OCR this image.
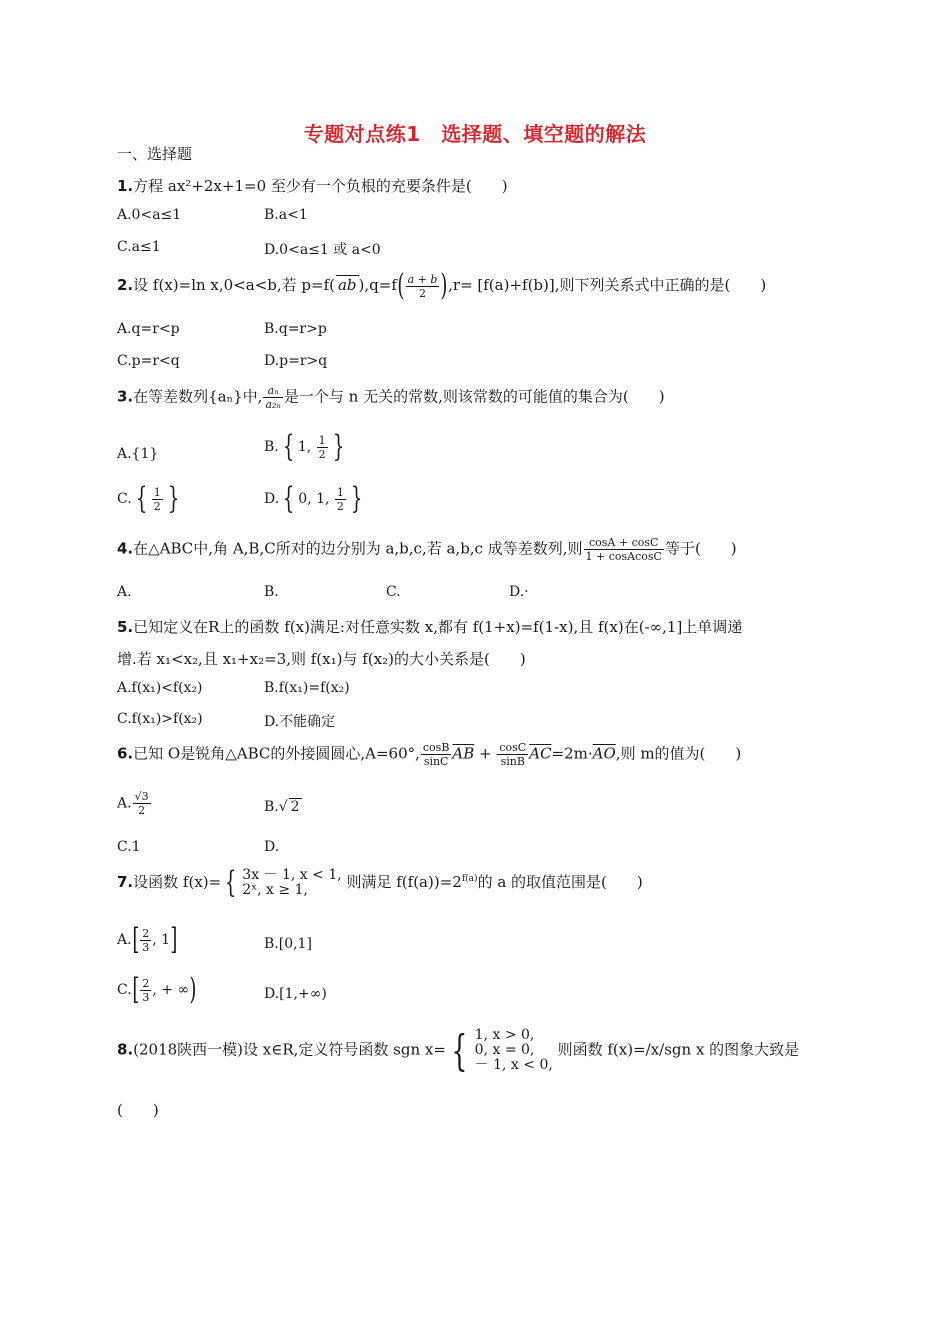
专题对点练1　选择题、填空题的解法
一、选择题
1.方程 ax²+2x+1=0 至少有一个负根的充要条件是(　　)
A.0<a≤1	B.a<1
C.a≤1	D.0<a≤1 或 a<0
2.设 f(x)=ln x,0<a<b,若 p=f( ab )$,q=f( \frac{a + b}{2} ),r= [f(a)+f(b)]$,则下列关系式中正确的是(　　)
A.q=r<p	B.q=r>p
C.p=r<q	D.p=r>q
3.在等差数列{aₙ}中, $\frac{\text{aₙ}}{\text{a₂ₙ}}$ 是一个与 n 无关的常数,则该常数的可能值的集合为(　　)
A.{1}	B. { 1, $\frac{1}{2}$ }
C. { $\frac{1}{2}$ }	D. { 0, 1, $\frac{1}{2}$ }
4.在△ABC中,角 A,B,C所对的边分别为 a,b,c,若 a,b,c 成等差数列,则 $\frac{\cos A + \cos C}{\text{1 + cosAcosC}}$ 等于(　　)
A.	B.	C.	D.·
5.已知定义在R上的函数 f(x)满足:对任意实数 x,都有 f(1+x)=f(1-x),且 f(x)在(-∞,1]上单调递
增.若 x₁<x₂,且 x₁+x₂=3,则 f(x₁)与 f(x₂)的大小关系是(　　)
A.f(x₁)<f(x₂)	B.f(x₁)=f(x₂)
C.f(x₁)>f(x₂)	D.不能确定
6.已知 O是锐角△ABC的外接圆圆心,A=60°, $\frac{\cos B}{\sin C} \overline{AB} + \frac{\cos C}{\sin B} \overline{AC}=2m\cdot\overline{AO}$,则 m的值为(　　)
A. $\frac{√3}{2}$	B.√ 2
C.1	D.
7.设函数 f(x)= { 3x － 1, x < 1,
2ˣ, x ≥ 1,	则满足 $f(f(a))=2^{f(a)}$的 a 的取值范围是(　　)
$A.[ \frac{2}{3}$ , 1]	B.[0,1]
$C.[ \frac{2}{3}$ , + ∞)	D.[1,+∞)
8.(2018陕西一模)设 x∈R,定义符号函数 sgn x= { 1, x > 0,
0, x = 0,
－ 1, x < 0,
则函数 f(x)=/x/sgn x 的图象大致是
(　　)
